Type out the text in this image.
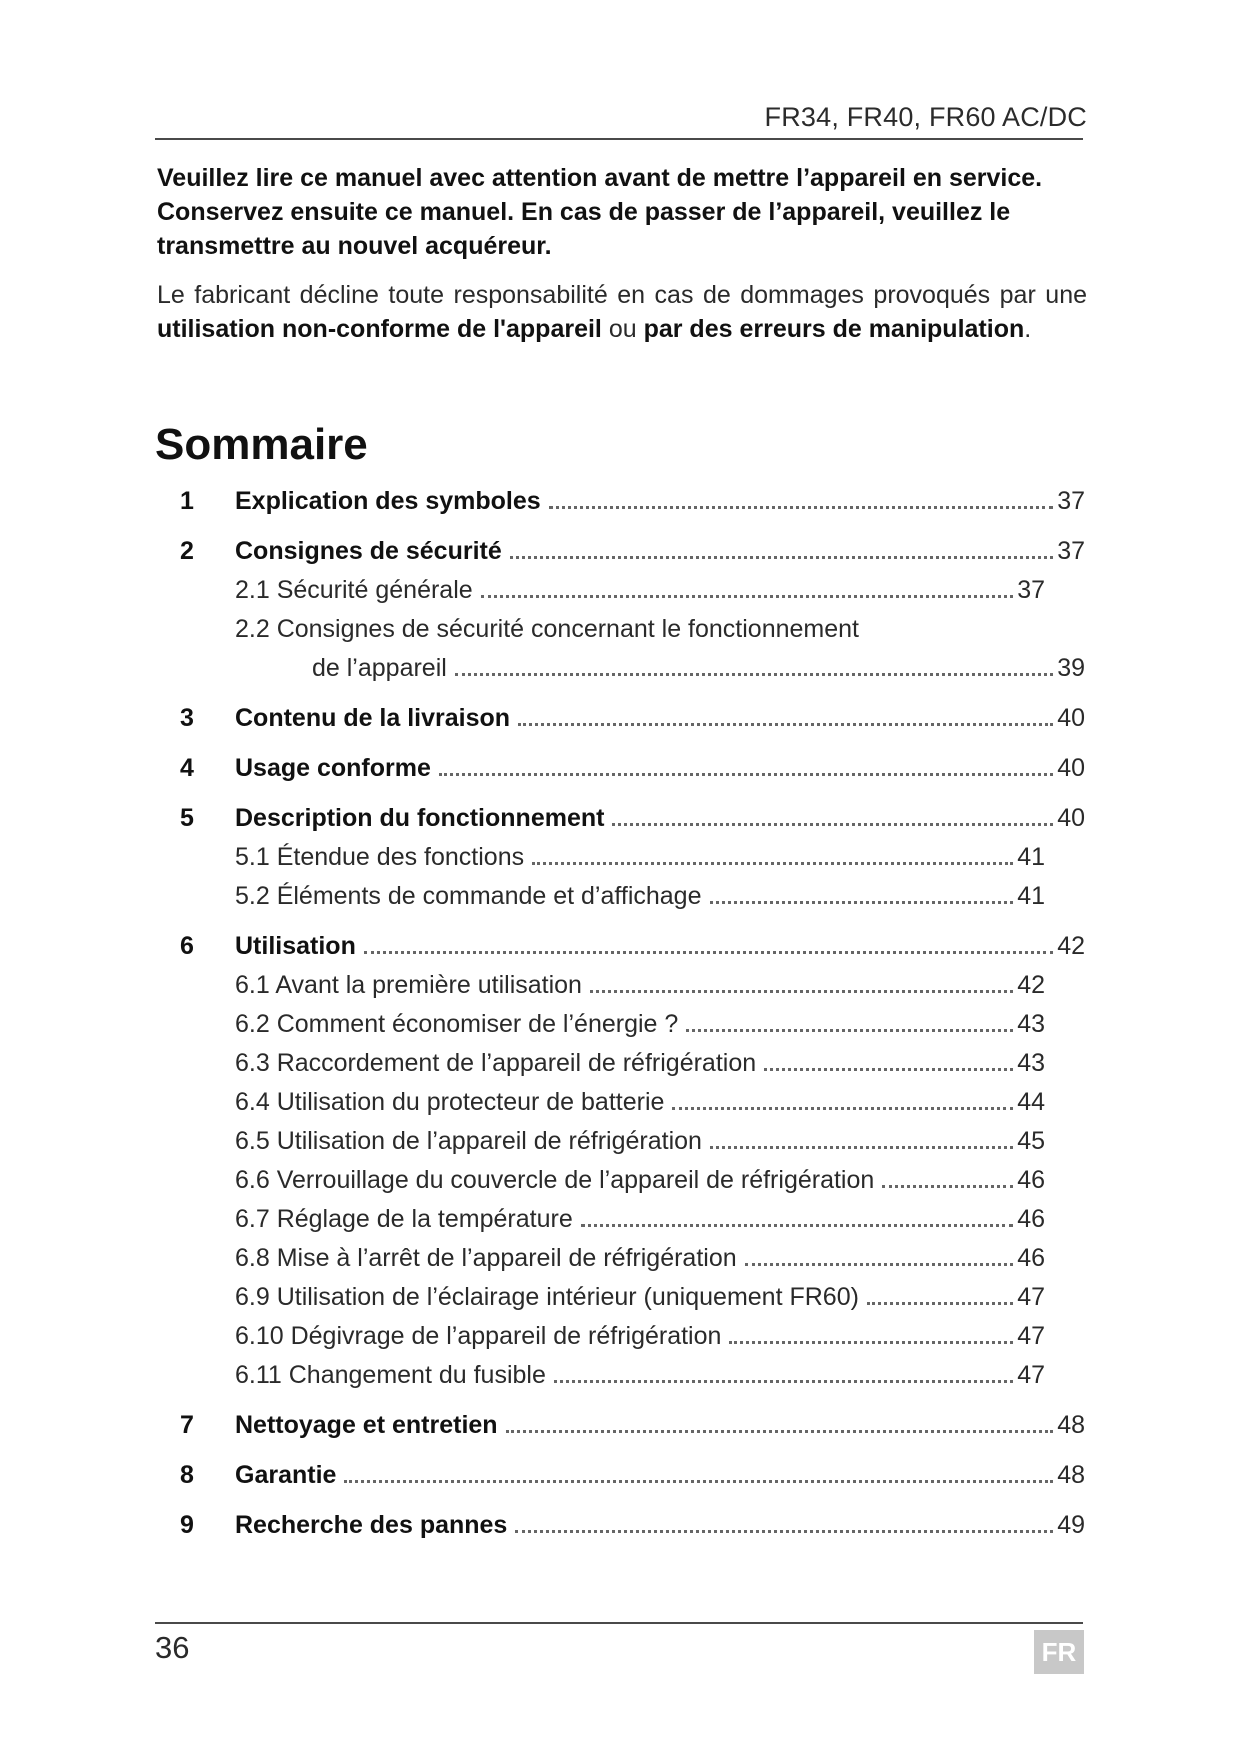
FR34, FR40, FR60 AC/DC
Veuillez lire ce manuel avec attention avant de mettre l’appareil en service. Conservez ensuite ce manuel. En cas de passer de l’appareil, veuillez le transmettre au nouvel acquéreur.
Le fabricant décline toute responsabilité en cas de dommages provoqués par une utilisation non-conforme de l'appareil ou par des erreurs de manipulation.
Sommaire
1	Explication des symboles	37
2	Consignes de sécurité	37
2.1 Sécurité générale	37
2.2 Consignes de sécurité concernant le fonctionnement
de l’appareil	39
3	Contenu de la livraison	40
4	Usage conforme	40
5	Description du fonctionnement	40
5.1 Étendue des fonctions	41
5.2 Éléments de commande et d’affichage	41
6	Utilisation	42
6.1 Avant la première utilisation	42
6.2 Comment économiser de l’énergie ?	43
6.3 Raccordement de l’appareil de réfrigération	43
6.4 Utilisation du protecteur de batterie	44
6.5 Utilisation de l’appareil de réfrigération	45
6.6 Verrouillage du couvercle de l’appareil de réfrigération	46
6.7 Réglage de la température	46
6.8 Mise à l’arrêt de l’appareil de réfrigération	46
6.9 Utilisation de l’éclairage intérieur (uniquement FR60)	47
6.10 Dégivrage de l’appareil de réfrigération	47
6.11 Changement du fusible	47
7	Nettoyage et entretien	48
8	Garantie	48
9	Recherche des pannes	49
36	FR
